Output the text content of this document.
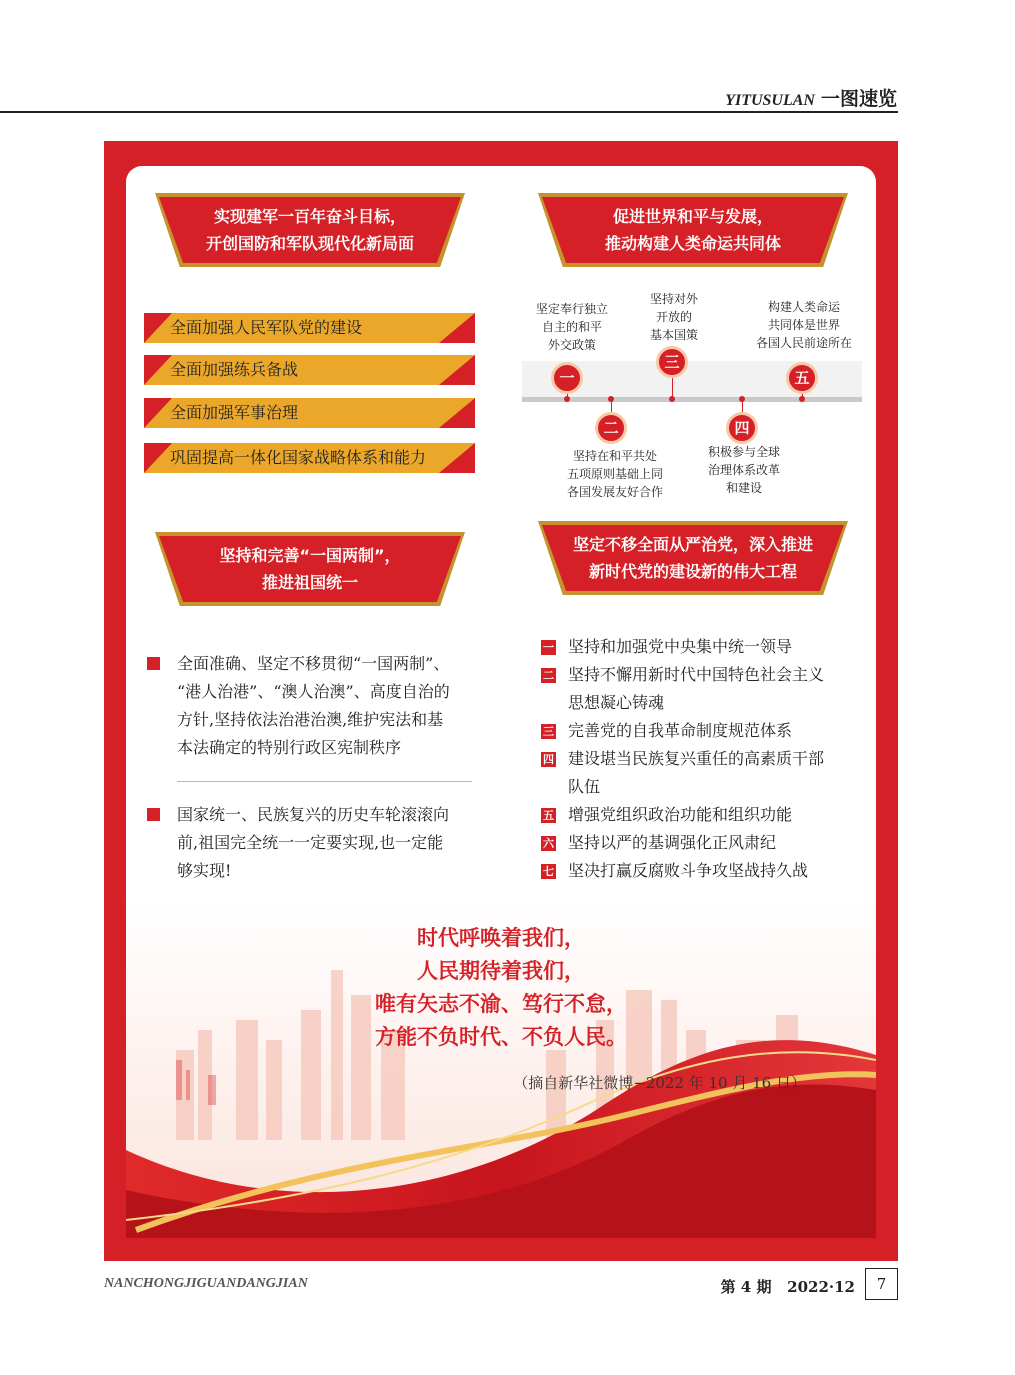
YITUSULAN 一图速览
实现建军一百年奋斗目标，
开创国防和军队现代化新局面
促进世界和平与发展，
推动构建人类命运共同体
全面加强人民军队党的建设
全面加强练兵备战
全面加强军事治理
巩固提高一体化国家战略体系和能力
坚定奉行独立
自主的和平
外交政策
一
二
坚持在和平共处
五项原则基础上同
各国发展友好合作
坚持对外
开放的
基本国策
三
四
积极参与全球
治理体系改革
和建设
构建人类命运
共同体是世界
各国人民前途所在
五
坚持和完善“一国两制”，
推进祖国统一
坚定不移全面从严治党，深入推进
新时代党的建设新的伟大工程
全面准确、坚定不移贯彻“一国两制”、
“港人治港”、“澳人治澳”、高度自治的
方针,坚持依法治港治澳,维护宪法和基
本法确定的特别行政区宪制秩序
国家统一、民族复兴的历史车轮滚滚向
前,祖国完全统一一定要实现,也一定能
够实现!
一 坚持和加强党中央集中统一领导
二 坚持不懈用新时代中国特色社会主义
思想凝心铸魂
三 完善党的自我革命制度规范体系
四 建设堪当民族复兴重任的高素质干部
队伍
五 增强党组织政治功能和组织功能
六 坚持以严的基调强化正风肃纪
七 坚决打赢反腐败斗争攻坚战持久战
时代呼唤着我们，
人民期待着我们，
唯有矢志不渝、笃行不怠，
方能不负时代、不负人民。
（摘自新华社微博−2022 年 10 月 16 日）
NANCHONGJIGUANDANGJIAN	第 4 期 2022·12	7
